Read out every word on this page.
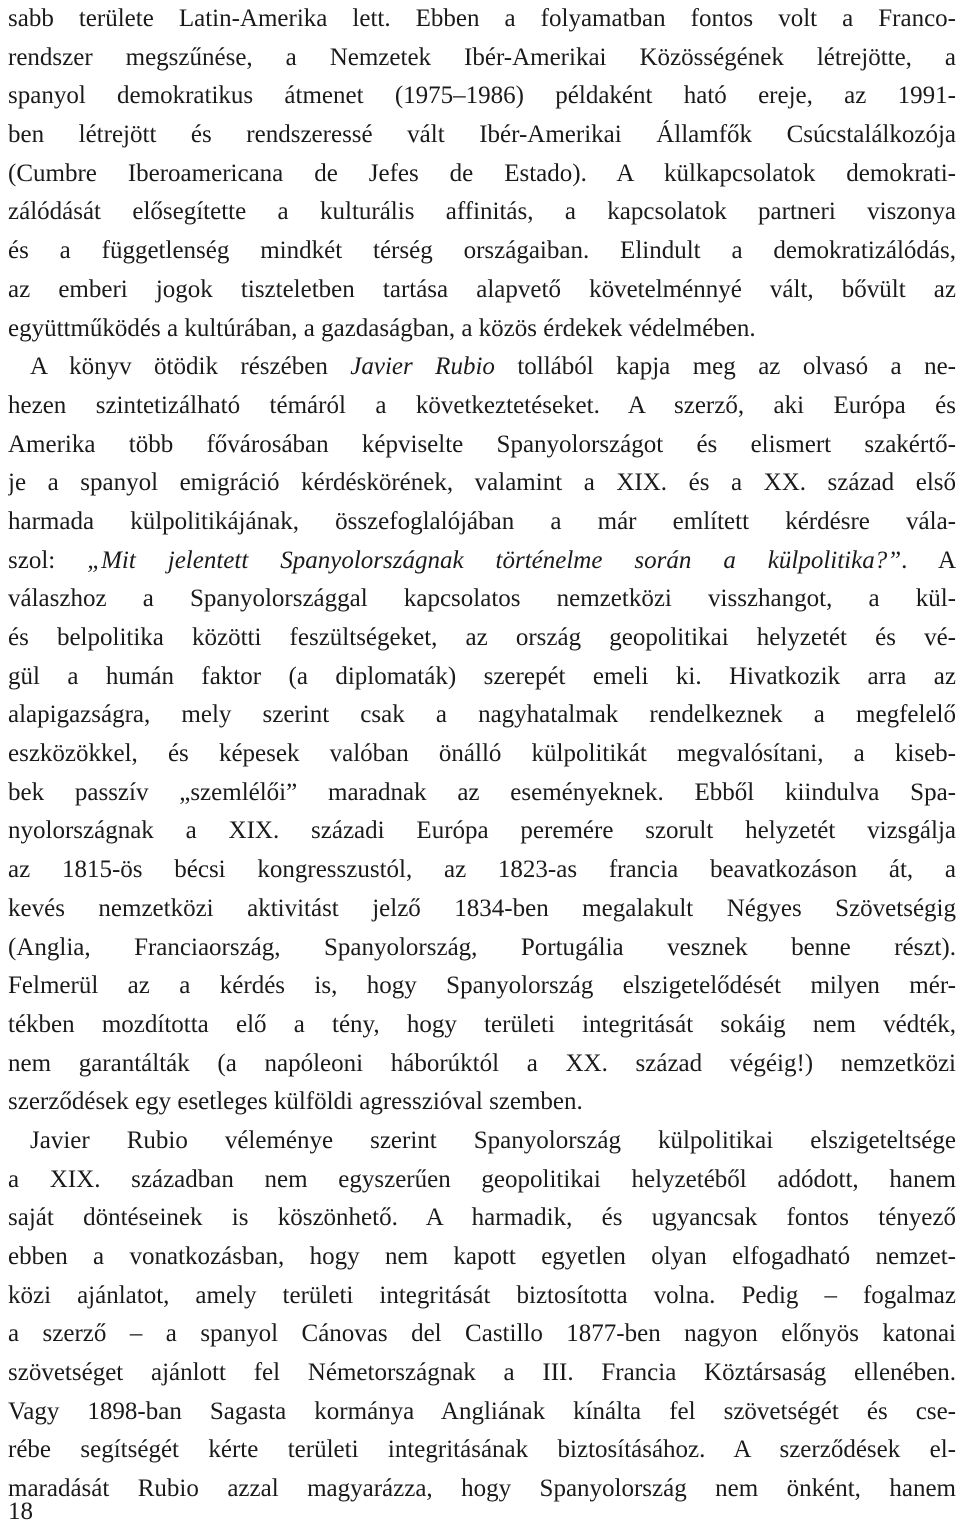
sabb területe Latin-Amerika lett. Ebben a folyamatban fontos volt a Franco-
rendszer megszűnése, a Nemzetek Ibér-Amerikai Közösségének létrejötte, a
spanyol demokratikus átmenet (1975–1986) példaként ható ereje, az 1991-
ben létrejött és rendszeressé vált Ibér-Amerikai Államfők Csúcstalálkozója
(Cumbre Iberoamericana de Jefes de Estado). A külkapcsolatok demokrati-
zálódását elősegítette a kulturális affinitás, a kapcsolatok partneri viszonya
és a függetlenség mindkét térség országaiban. Elindult a demokratizálódás,
az emberi jogok tiszteletben tartása alapvető követelménnyé vált, bővült az
együttműködés a kultúrában, a gazdaságban, a közös érdekek védelmében.
A könyv ötödik részében Javier Rubio tollából kapja meg az olvasó a ne-
hezen szintetizálható témáról a következtetéseket. A szerző, aki Európa és
Amerika több fővárosában képviselte Spanyolországot és elismert szakértő-
je a spanyol emigráció kérdéskörének, valamint a XIX. és a XX. század első
harmada külpolitikájának, összefoglalójában a már említett kérdésre vála-
szol: „Mit jelentett Spanyolországnak történelme során a külpolitika?”. A
válaszhoz a Spanyolországgal kapcsolatos nemzetközi visszhangot, a kül-
és belpolitika közötti feszültségeket, az ország geopolitikai helyzetét és vé-
gül a humán faktor (a diplomaták) szerepét emeli ki. Hivatkozik arra az
alapigazságra, mely szerint csak a nagyhatalmak rendelkeznek a megfelelő
eszközökkel, és képesek valóban önálló külpolitikát megvalósítani, a kiseb-
bek passzív „szemlélői” maradnak az eseményeknek. Ebből kiindulva Spa-
nyolországnak a XIX. századi Európa peremére szorult helyzetét vizsgálja
az 1815-ös bécsi kongresszustól, az 1823-as francia beavatkozáson át, a
kevés nemzetközi aktivitást jelző 1834-ben megalakult Négyes Szövetségig
(Anglia, Franciaország, Spanyolország, Portugália vesznek benne részt).
Felmerül az a kérdés is, hogy Spanyolország elszigetelődését milyen mér-
tékben mozdította elő a tény, hogy területi integritását sokáig nem védték,
nem garantálták (a napóleoni háborúktól a XX. század végéig!) nemzetközi
szerződések egy esetleges külföldi agresszióval szemben.
Javier Rubio véleménye szerint Spanyolország külpolitikai elszigeteltsége
a XIX. században nem egyszerűen geopolitikai helyzetéből adódott, hanem
saját döntéseinek is köszönhető. A harmadik, és ugyancsak fontos tényező
ebben a vonatkozásban, hogy nem kapott egyetlen olyan elfogadható nemzet-
közi ajánlatot, amely területi integritását biztosította volna. Pedig – fogalmaz
a szerző – a spanyol Cánovas del Castillo 1877-ben nagyon előnyös katonai
szövetséget ajánlott fel Németországnak a III. Francia Köztársaság ellenében.
Vagy 1898-ban Sagasta kormánya Angliának kínálta fel szövetségét és cse-
rébe segítségét kérte területi integritásának biztosításához. A szerződések el-
maradását Rubio azzal magyarázza, hogy Spanyolország nem önként, hanem
18
